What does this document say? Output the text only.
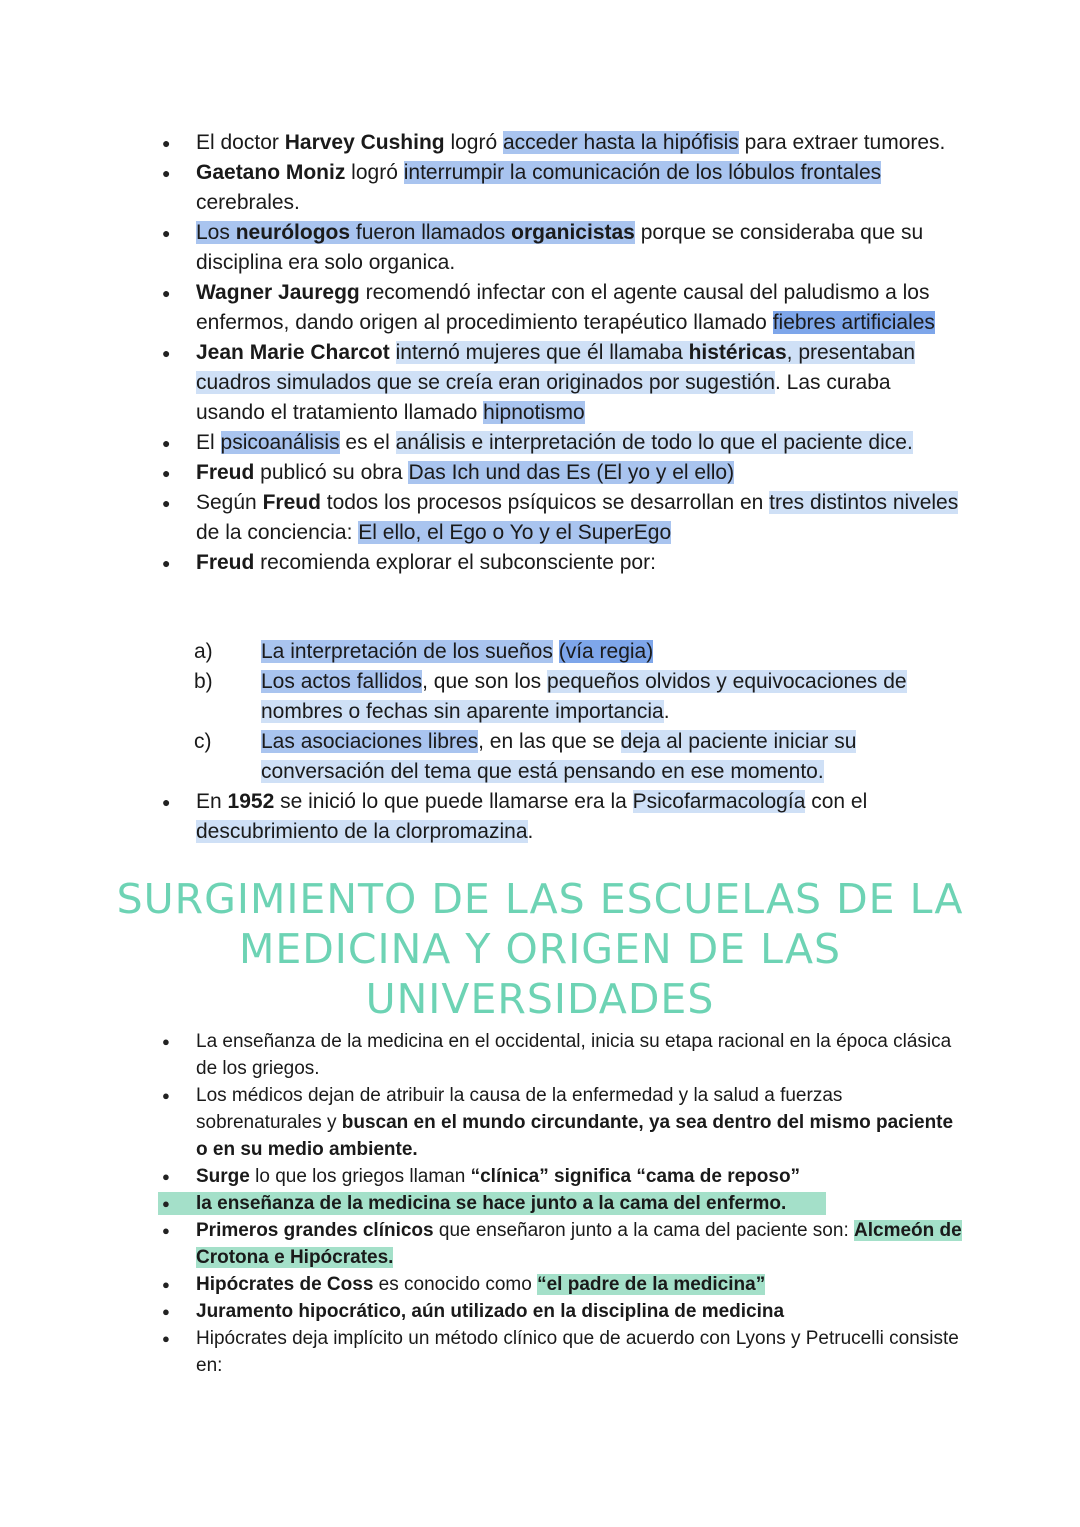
● El doctor Harvey Cushing logró acceder hasta la hipófisis para extraer tumores.
● Gaetano Moniz logró interrumpir la comunicación de los lóbulos frontales cerebrales.
● Los neurólogos fueron llamados organicistas porque se consideraba que su disciplina era solo organica.
● Wagner Jauregg recomendó infectar con el agente causal del paludismo a los enfermos, dando origen al procedimiento terapéutico llamado fiebres artificiales
● Jean Marie Charcot internó mujeres que él llamaba histéricas, presentaban cuadros simulados que se creía eran originados por sugestión. Las curaba usando el tratamiento llamado hipnotismo
● El psicoanálisis es el análisis e interpretación de todo lo que el paciente dice.
● Freud publicó su obra Das Ich und das Es (El yo y el ello)
● Según Freud todos los procesos psíquicos se desarrollan en tres distintos niveles de la conciencia: El ello, el Ego o Yo y el SuperEgo
● Freud recomienda explorar el subconsciente por:
a) La interpretación de los sueños (vía regia)
b) Los actos fallidos, que son los pequeños olvidos y equivocaciones de nombres o fechas sin aparente importancia.
c) Las asociaciones libres, en las que se deja al paciente iniciar su conversación del tema que está pensando en ese momento.
● En 1952 se inició lo que puede llamarse era la Psicofarmacología con el descubrimiento de la clorpromazina.
SURGIMIENTO DE LAS ESCUELAS DE LA
MEDICINA Y ORIGEN DE LAS
UNIVERSIDADES
● La enseñanza de la medicina en el occidental, inicia su etapa racional en la época clásica de los griegos.
● Los médicos dejan de atribuir la causa de la enfermedad y la salud a fuerzas sobrenaturales y buscan en el mundo circundante, ya sea dentro del mismo paciente o en su medio ambiente.
● Surge lo que los griegos llaman “clínica” significa “cama de reposo”
● la enseñanza de la medicina se hace junto a la cama del enfermo.
● Primeros grandes clínicos que enseñaron junto a la cama del paciente son: Alcmeón de Crotona e Hipócrates.
● Hipócrates de Coss es conocido como “el padre de la medicina”
● Juramento hipocrático, aún utilizado en la disciplina de medicina
● Hipócrates deja implícito un método clínico que de acuerdo con Lyons y Petrucelli consiste en:
